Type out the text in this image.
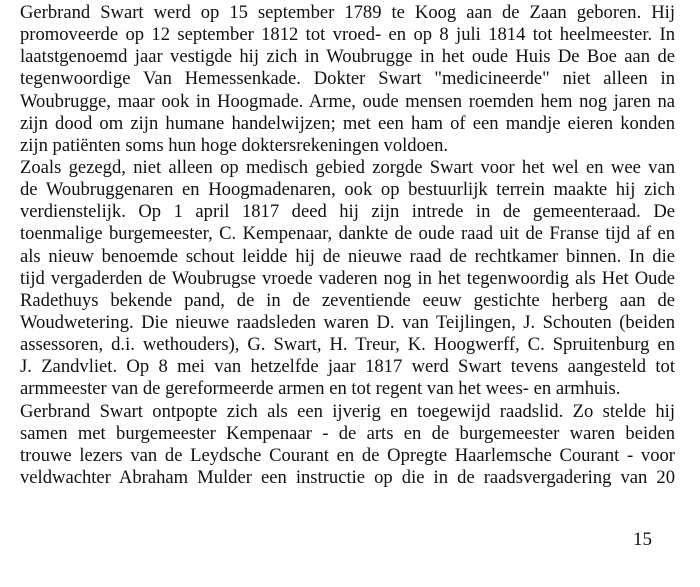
Gerbrand Swart werd op 15 september 1789 te Koog aan de Zaan geboren. Hij
promoveerde op 12 september 1812 tot vroed- en op 8 juli 1814 tot heelmeester. In
laatstgenoemd jaar vestigde hij zich in Woubrugge in het oude Huis De Boe aan de
tegenwoordige Van Hemessenkade. Dokter Swart "medicineerde" niet alleen in
Woubrugge, maar ook in Hoogmade. Arme, oude mensen roemden hem nog jaren na
zijn dood om zijn humane handelwijzen; met een ham of een mandje eieren konden
zijn patiënten soms hun hoge doktersrekeningen voldoen.
Zoals gezegd, niet alleen op medisch gebied zorgde Swart voor het wel en wee van
de Woubruggenaren en Hoogmadenaren, ook op bestuurlijk terrein maakte hij zich
verdienstelijk. Op 1 april 1817 deed hij zijn intrede in de gemeenteraad. De
toenmalige burgemeester, C. Kempenaar, dankte de oude raad uit de Franse tijd af en
als nieuw benoemde schout leidde hij de nieuwe raad de rechtkamer binnen. In die
tijd vergaderden de Woubrugse vroede vaderen nog in het tegenwoordig als Het Oude
Radethuys bekende pand, de in de zeventiende eeuw gestichte herberg aan de
Woudwetering. Die nieuwe raadsleden waren D. van Teijlingen, J. Schouten (beiden
assessoren, d.i. wethouders), G. Swart, H. Treur, K. Hoogwerff, C. Spruitenburg en
J. Zandvliet. Op 8 mei van hetzelfde jaar 1817 werd Swart tevens aangesteld tot
armmeester van de gereformeerde armen en tot regent van het wees- en armhuis.
Gerbrand Swart ontpopte zich als een ijverig en toegewijd raadslid. Zo stelde hij
samen met burgemeester Kempenaar - de arts en de burgemeester waren beiden
trouwe lezers van de Leydsche Courant en de Opregte Haarlemsche Courant - voor
veldwachter Abraham Mulder een instructie op die in de raadsvergadering van 20
15
